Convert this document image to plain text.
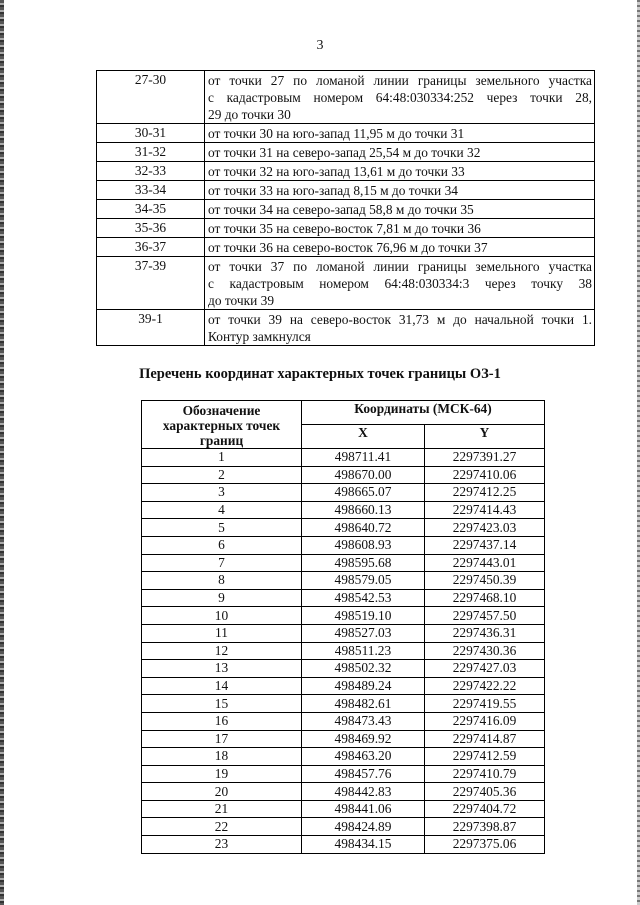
3
27-30	от точки 27 по ломаной линии границы земельного участка
с кадастровым номером 64:48:030334:252 через точки 28,
29 до точки 30

30-31	от точки 30 на юго-запад 11,95 м до точки 31

31-32	от точки 31 на северо-запад 25,54 м до точки 32

32-33	от точки 32 на юго-запад 13,61 м до точки 33

33-34	от точки 33 на юго-запад 8,15 м до точки 34

34-35	от точки 34 на северо-запад 58,8 м до точки 35

35-36	от точки 35 на северо-восток 7,81 м до точки 36

36-37	от точки 36 на северо-восток 76,96 м до точки 37

37-39	от точки 37 по ломаной линии границы земельного участка
с кадастровым номером 64:48:030334:3 через точку 38
до точки 39

39-1	от точки 39 на северо-восток 31,73 м до начальной точки 1.
Контур замкнулся
Перечень координат характерных точек границы ОЗ-1
Обозначение характерных точек границ	Координаты (МСК-64)	
	X	Y
1	498711.41	2297391.27
2	498670.00	2297410.06
3	498665.07	2297412.25
4	498660.13	2297414.43
5	498640.72	2297423.03
6	498608.93	2297437.14
7	498595.68	2297443.01
8	498579.05	2297450.39
9	498542.53	2297468.10
10	498519.10	2297457.50
11	498527.03	2297436.31
12	498511.23	2297430.36
13	498502.32	2297427.03
14	498489.24	2297422.22
15	498482.61	2297419.55
16	498473.43	2297416.09
17	498469.92	2297414.87
18	498463.20	2297412.59
19	498457.76	2297410.79
20	498442.83	2297405.36
21	498441.06	2297404.72
22	498424.89	2297398.87
23	498434.15	2297375.06
